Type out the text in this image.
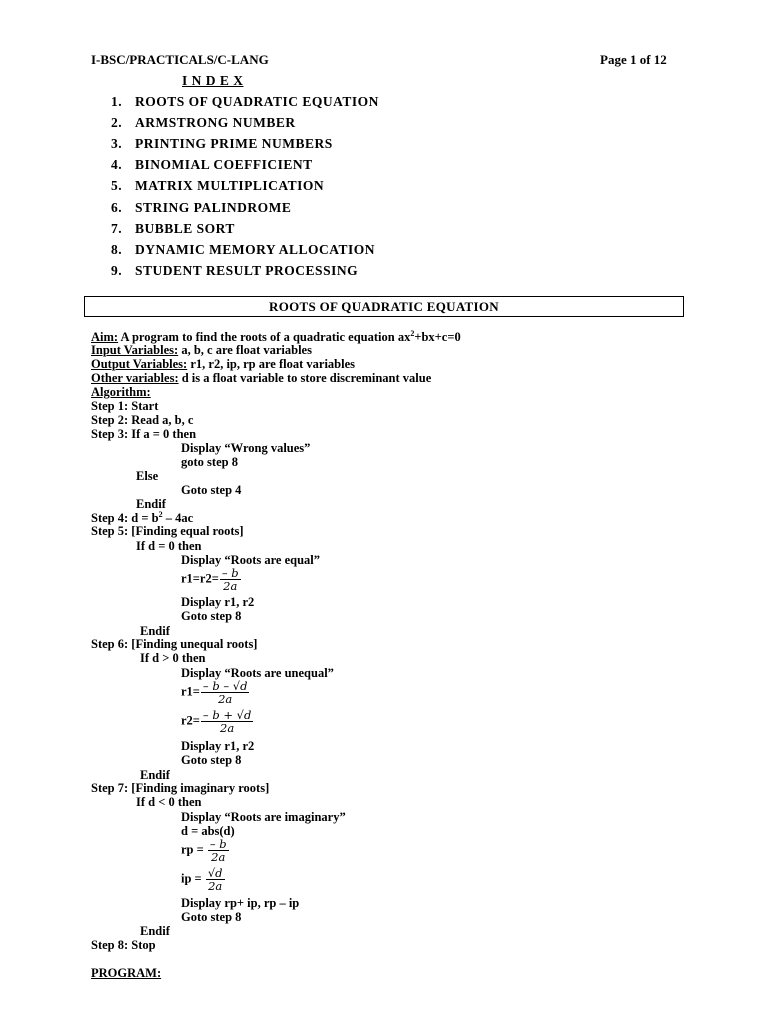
I-BSC/PRACTICALS/C-LANG	Page 1 of 12
I N D E X
1. ROOTS OF QUADRATIC EQUATION
2. ARMSTRONG NUMBER
3. PRINTING PRIME NUMBERS
4. BINOMIAL COEFFICIENT
5. MATRIX MULTIPLICATION
6. STRING PALINDROME
7. BUBBLE SORT
8. DYNAMIC MEMORY ALLOCATION
9. STUDENT RESULT PROCESSING
ROOTS OF QUADRATIC EQUATION
Aim: A program to find the roots of a quadratic equation $ax^2+bx+c=0$
Input Variables: a, b, c are float variables
Output Variables: r1, r2, ip, rp are float variables
Other variables: d is a float variable to store discreminant value
Algorithm:
Step 1: Start
Step 2: Read a, b, c
Step 3: If a = 0 then
Display “Wrong values”
goto step 8
Else
Goto step 4
Endif
Step 4: $d = b^2 - 4ac$
Step 5: [Finding equal roots]
If d = 0 then
Display “Roots are equal”
$r1=r2= \frac{- b}{2a}$
Display r1, r2
Goto step 8
Endif
Step 6: [Finding unequal roots]
If d > 0 then
Display “Roots are unequal”
$r1= \frac{- b - √d}{2a}$
$r2= \frac{- b + √d}{2a}$
Display r1, r2
Goto step 8
Endif
Step 7: [Finding imaginary roots]
If d < 0 then
Display “Roots are imaginary”
d = abs(d)
rp = $\frac{- b}{2a}$
ip = $\frac{√d}{2a}$
Display rp+ ip, rp – ip
Goto step 8
Endif
Step 8: Stop
PROGRAM:
